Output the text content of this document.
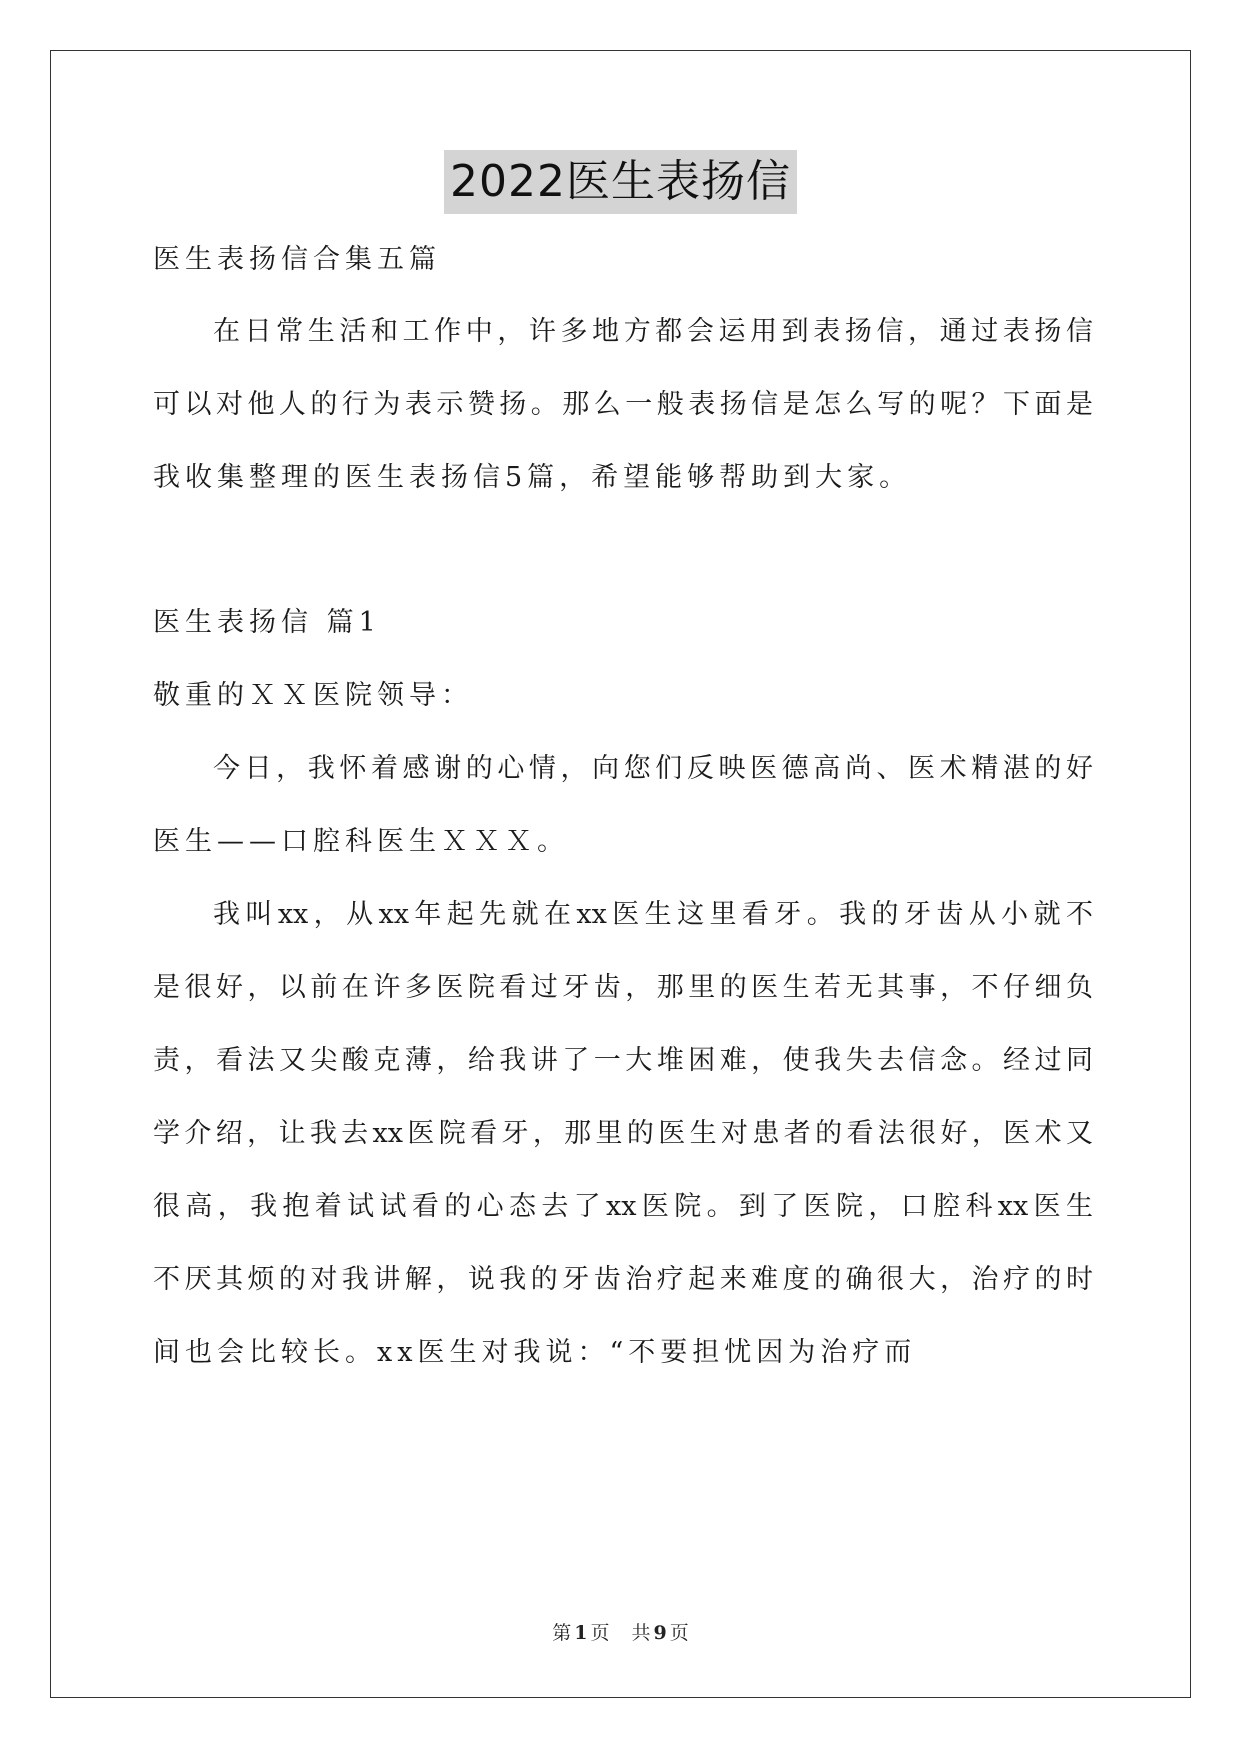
2022医生表扬信
医生表扬信合集五篇
在日常生活和工作中，许多地方都会运用到表扬信，通过表扬信
可以对他人的行为表示赞扬。那么一般表扬信是怎么写的呢？下面是
我收集整理的医生表扬信5篇，希望能够帮助到大家。
医生表扬信 篇1
敬重的ＸＸ医院领导：
今日，我怀着感谢的心情，向您们反映医德高尚、医术精湛的好
医生——口腔科医生ＸＸＸ。
我叫xx，从xx年起先就在xx医生这里看牙。我的牙齿从小就不
是很好，以前在许多医院看过牙齿，那里的医生若无其事，不仔细负
责，看法又尖酸克薄，给我讲了一大堆困难，使我失去信念。经过同
学介绍，让我去xx医院看牙，那里的医生对患者的看法很好，医术又
很高，我抱着试试看的心态去了xx医院。到了医院，口腔科xx医生
不厌其烦的对我讲解，说我的牙齿治疗起来难度的确很大，治疗的时
间也会比较长。xx医生对我说：“不要担忧因为治疗而
第 1 页 共 9 页
